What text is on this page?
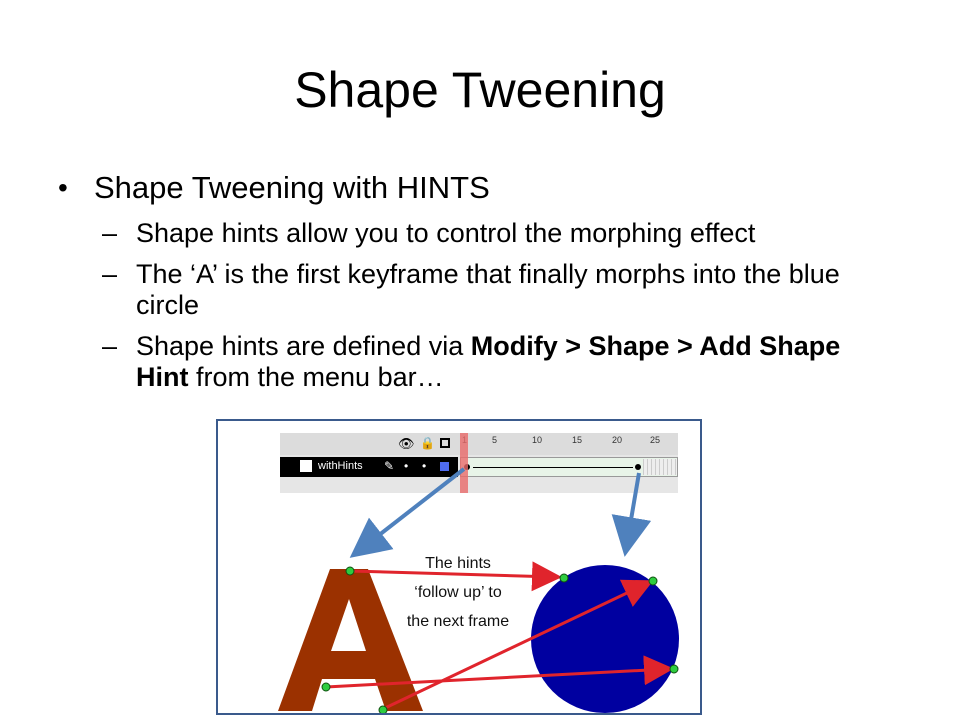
Shape Tweening
• Shape Tweening with HINTS
– Shape hints allow you to control the morphing effect
– The ‘A’ is the first keyframe that finally morphs into the blue circle
– Shape hints are defined via Modify > Shape > Add Shape Hint from the menu bar…
👁 🔒	5	10	15	20	25
withHints ✎ • •
The hints
‘follow up’ to
the next frame
